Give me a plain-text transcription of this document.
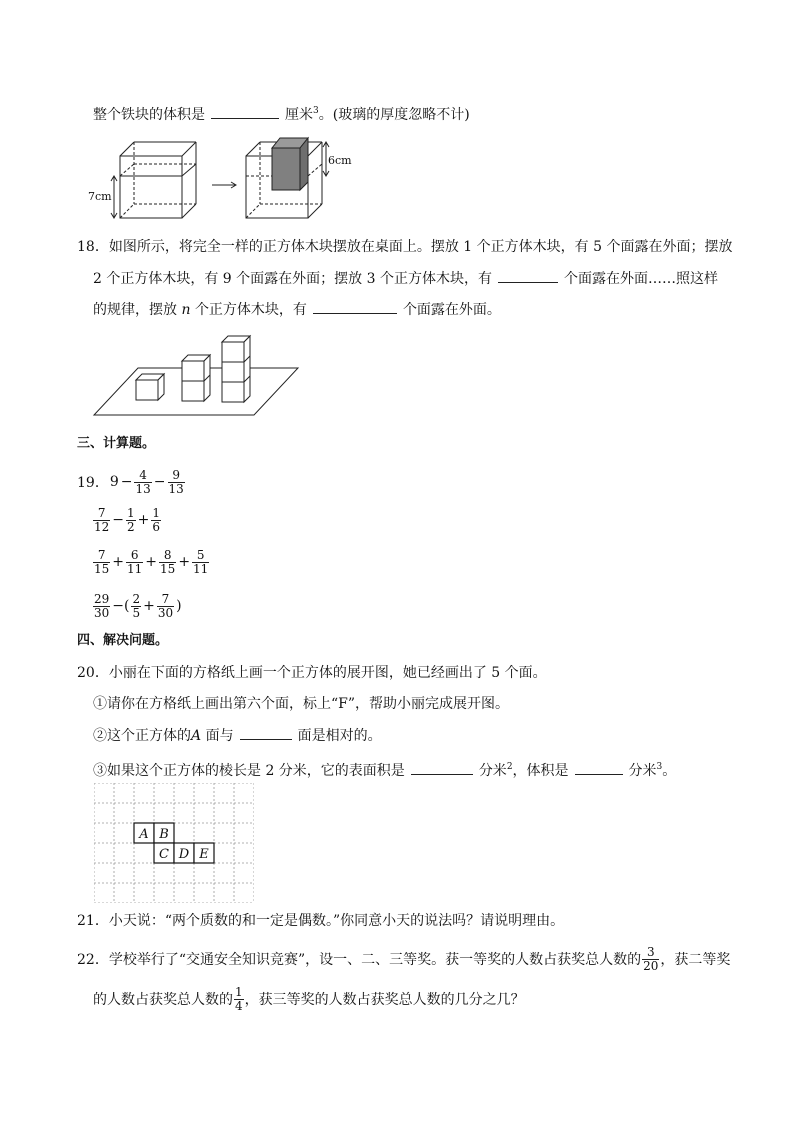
整个铁块的体积是	厘米$^3$。(玻璃的厚度忽略不计)
7cm
6cm
18．如图所示，将完全一样的正方体木块摆放在桌面上。摆放 1 个正方体木块，有 5 个面露在外面；摆放
2 个正方体木块，有 9 个面露在外面；摆放 3 个正方体木块，有	个面露在外面……照这样
的规律，摆放 n 个正方体木块，有	个面露在外面。
三、计算题。
19． $9 - \frac{4}{13} - \frac{9}{13}$
$\frac{7}{12} - \frac{1}{2} + \frac{1}{6}$
$\frac{7}{15} + \frac{6}{11} + \frac{8}{15} + \frac{5}{11}$
$\frac{29}{30}$ −( $\frac{2}{5} + \frac{7}{30}$ )
四、解决问题。
20．小丽在下面的方格纸上画一个正方体的展开图，她已经画出了 5 个面。
①请你在方格纸上画出第六个面，标上“F”，帮助小丽完成展开图。
②这个正方体的A 面与	面是相对的。
③如果这个正方体的棱长是 2 分米，它的表面积是	分米$^2$，体积是	分米$^3$。
A B
C D E
21．小天说：“两个质数的和一定是偶数。”你同意小天的说法吗？请说明理由。
22． 学校举行了“交通安全知识竞赛”，设一、二、三等奖。获一等奖的人数占获奖总人数的 $\frac{3}{20}$ ，获二等奖
的人数占获奖总人数的 $\frac{1}{4}$ ，获三等奖的人数占获奖总人数的几分之几？
